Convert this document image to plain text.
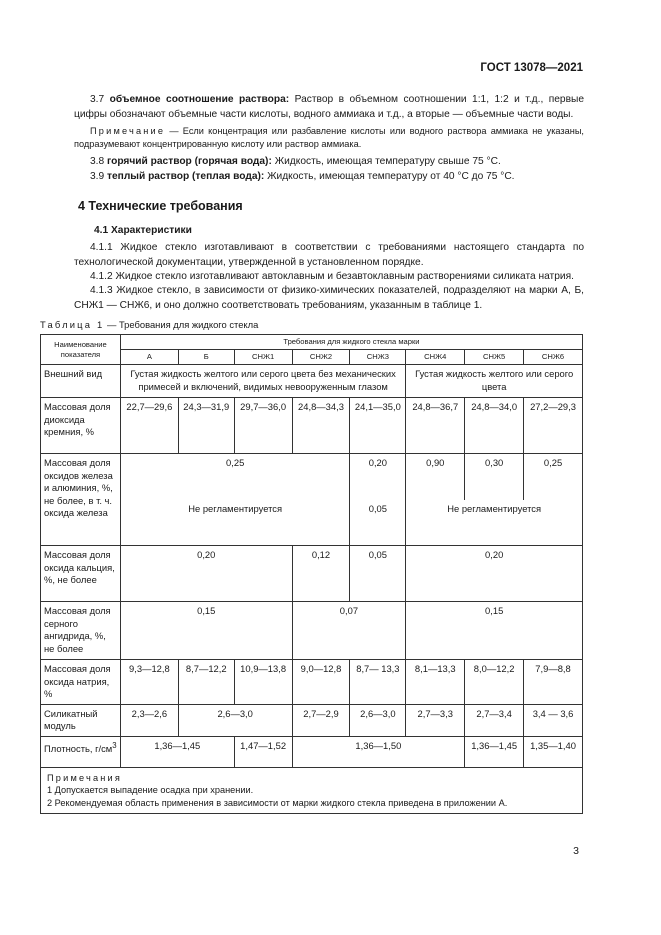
ГОСТ 13078—2021
3.7 объемное соотношение раствора: Раствор в объемном соотношении 1:1, 1:2 и т.д., первые цифры обозначают объемные части кислоты, водного аммиака и т.д., а вторые — объемные части воды.
Примечание — Если концентрация или разбавление кислоты или водного раствора аммиака не указаны, подразумевают концентрированную кислоту или раствор аммиака.
3.8 горячий раствор (горячая вода): Жидкость, имеющая температуру свыше 75 °С.
3.9 теплый раствор (теплая вода): Жидкость, имеющая температуру от 40 °С до 75 °С.
4 Технические требования
4.1 Характеристики
4.1.1 Жидкое стекло изготавливают в соответствии с требованиями настоящего стандарта по технологической документации, утвержденной в установленном порядке.
4.1.2 Жидкое стекло изготавливают автоклавным и безавтоклавным растворениями силиката натрия.
4.1.3 Жидкое стекло, в зависимости от физико-химических показателей, подразделяют на марки А, Б, СНЖ1 — СНЖ6, и оно должно соответствовать требованиям, указанным в таблице 1.
Таблица 1 — Требования для жидкого стекла
Наименование показателя	Требования для жидкого стекла марки							
	А	Б	СНЖ1	СНЖ2	СНЖ3	СНЖ4	СНЖ5	СНЖ6
Внешний вид	Густая жидкость желтого или серого цвета без механических примесей и включений, видимых невооруженным глазом					Густая жидкость желтого или серого цвета		
Массовая доля диоксида кремния, %	22,7—29,6	24,3—31,9	29,7—36,0	24,8—34,3	24,1—35,0	24,8—36,7	24,8—34,0	27,2—29,3
Массовая доля оксидов железа и алюминия, %, не более, в т. ч. оксида железа	0,25				0,20	0,90	0,30	0,25
	Не регламентируется				0,05	Не регламентируется		
Массовая доля оксида кальция, %, не более	0,20			0,12	0,05	0,20		
Массовая доля серного ангидрида, %, не более	0,15			0,07		0,15		
Массовая доля оксида натрия, %	9,3—12,8	8,7—12,2	10,9—13,8	9,0—12,8	8,7— 13,3	8,1—13,3	8,0—12,2	7,9—8,8
Силикатный модуль	2,3—2,6	2,6—3,0		2,7—2,9	2,6—3,0	2,7—3,3	2,7—3,4	3,4 — 3,6
Плотность, $г/см^3$	1,36—1,45		1,47—1,52	1,36—1,50			1,36—1,45	1,35—1,40

Примечания
1 Допускается выпадение осадка при хранении.
2 Рекомендуемая область применения в зависимости от марки жидкого стекла приведена в приложении А.								
3
